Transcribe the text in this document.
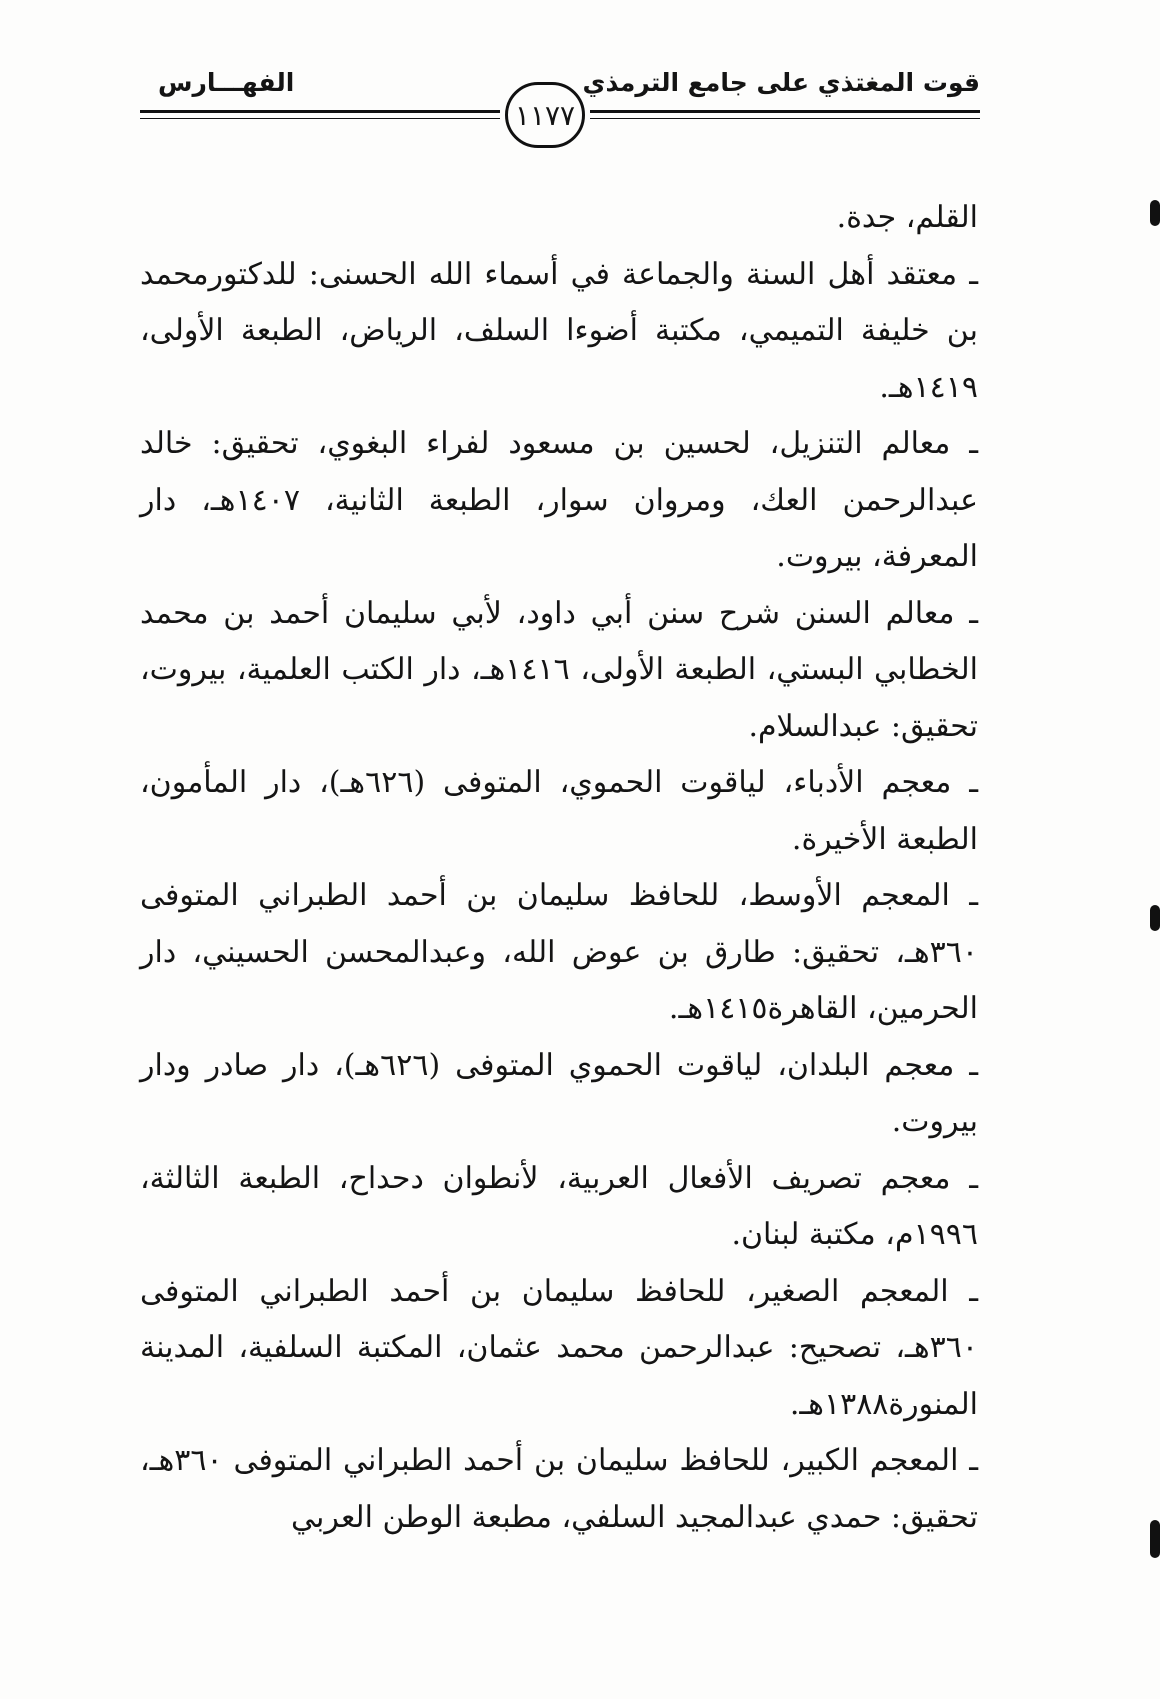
قوت المغتذي على جامع الترمذي
الفهـــارس
١١٧٧

القلم، جدة.

ـ معتقد أهل السنة والجماعة في أسماء الله الحسنى: للدكتورمحمد بن خليفة التميمي، مكتبة أضوءا السلف، الرياض، الطبعة الأولى، ١٤١٩هـ.

ـ معالم التنزيل، لحسين بن مسعود لفراء البغوي، تحقيق: خالد عبدالرحمن العك، ومروان سوار، الطبعة الثانية، ١٤٠٧هـ، دار المعرفة، بيروت.

ـ معالم السنن شرح سنن أبي داود، لأبي سليمان أحمد بن محمد الخطابي البستي، الطبعة الأولى، ١٤١٦هـ، دار الكتب العلمية، بيروت، تحقيق: عبدالسلام.

ـ معجم الأدباء، لياقوت الحموي، المتوفى (٦٢٦هـ)، دار المأمون، الطبعة الأخيرة.

ـ المعجم الأوسط، للحافظ سليمان بن أحمد الطبراني المتوفى ٣٦٠هـ، تحقيق: طارق بن عوض الله، وعبدالمحسن الحسيني، دار الحرمين، القاهرة١٤١٥هـ.

ـ معجم البلدان، لياقوت الحموي المتوفى (٦٢٦هـ)، دار صادر ودار بيروت.

ـ معجم تصريف الأفعال العربية، لأنطوان دحداح، الطبعة الثالثة، ١٩٩٦م، مكتبة لبنان.

ـ المعجم الصغير، للحافظ سليمان بن أحمد الطبراني المتوفى ٣٦٠هـ، تصحيح: عبدالرحمن محمد عثمان، المكتبة السلفية، المدينة المنورة١٣٨٨هـ.

ـ المعجم الكبير، للحافظ سليمان بن أحمد الطبراني المتوفى ٣٦٠هـ، تحقيق: حمدي عبدالمجيد السلفي، مطبعة الوطن العربي
